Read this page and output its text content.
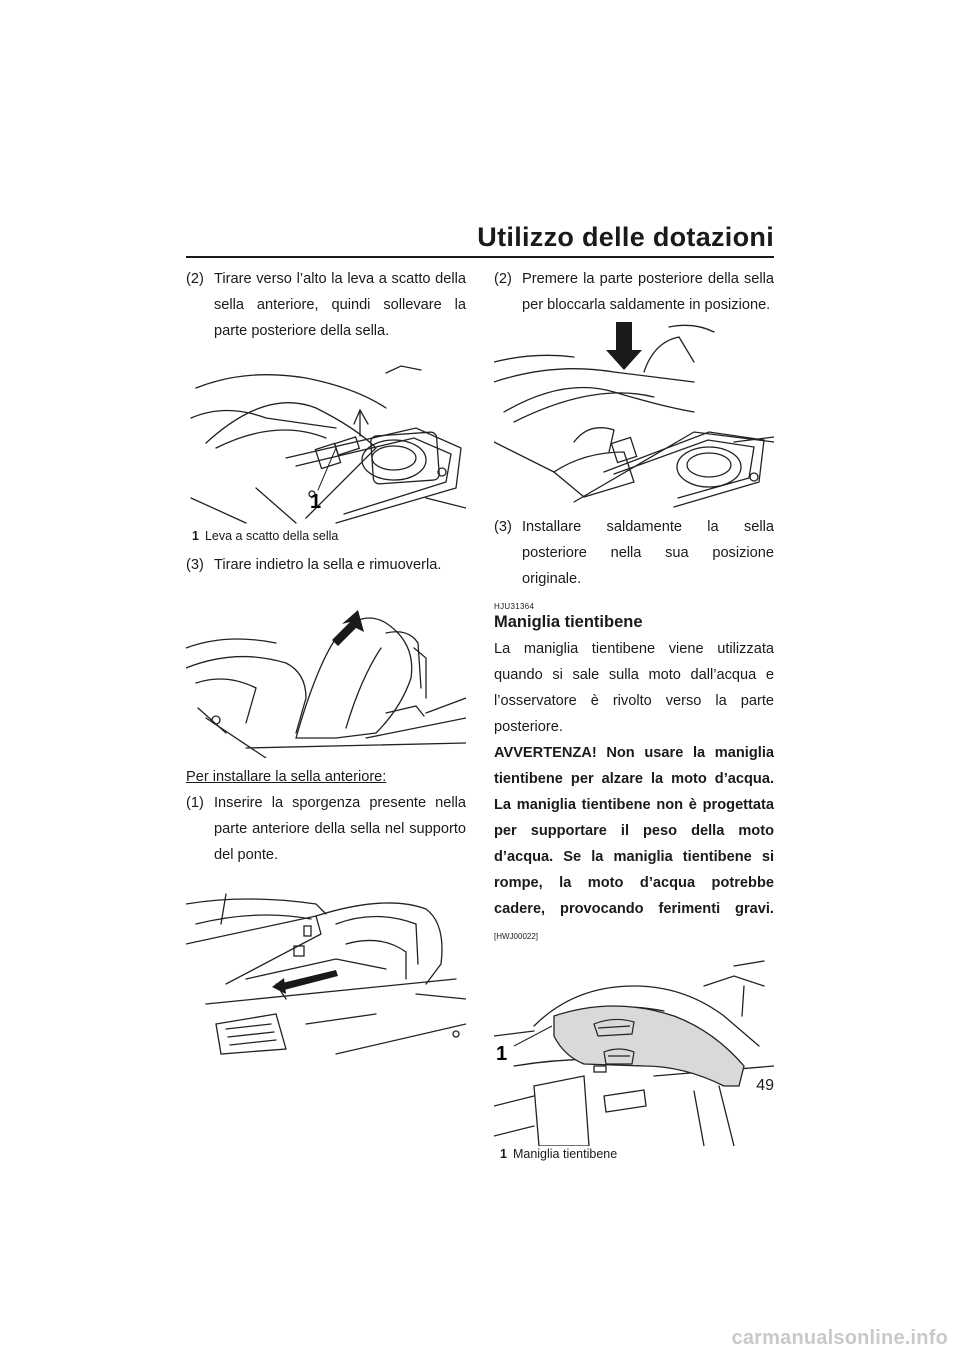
Utilizzo delle dotazioni
(2) Tirare verso l’alto la leva a scatto della sella anteriore, quindi sollevare la parte posteriore della sella.
1
1 Leva a scatto della sella
(3) Tirare indietro la sella e rimuoverla.
Per installare la sella anteriore:
(1) Inserire la sporgenza presente nella parte anteriore della sella nel supporto del ponte.
(2) Premere la parte posteriore della sella per bloccarla saldamente in posizione.
(3) Installare saldamente la sella posteriore nella sua posizione originale.
HJU31364
Maniglia tientibene
La maniglia tientibene viene utilizzata quando si sale sulla moto dall’acqua e l’osservatore è rivolto verso la parte posteriore.
AVVERTENZA! Non usare la maniglia tientibene per alzare la moto d’acqua. La maniglia tientibene non è progettata per supportare il peso della moto d’acqua. Se la maniglia tientibene si rompe, la moto d’acqua potrebbe cadere, provocando ferimenti gravi. [HWJ00022]
1
1 Maniglia tientibene
49
carmanualsonline.info
